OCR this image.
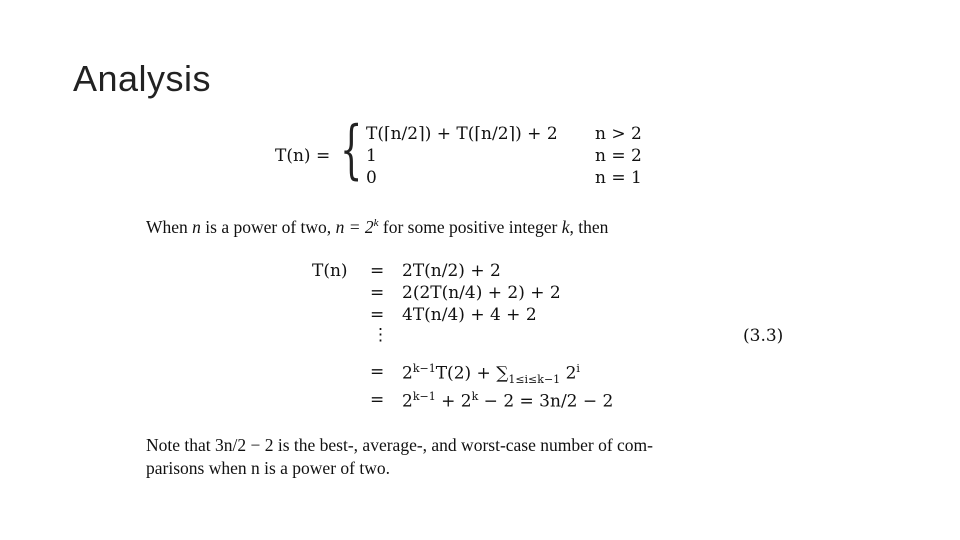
Analysis
T(n) = { T(⌈n/2⌉) + T(⌈n/2⌉) + 2 n > 2
1	n = 2
0	n = 1
When n is a power of two, $n = 2^k$ for some positive integer k, then
T(n) = 2T(n/2) + 2
= 2(2T(n/4) + 2) + 2
= 4T(n/4) + 4 + 2
⋮	(3.3)
= $2^{k-1}T(2) + \sum_{1\le i\le k-1}$ $2^i$
= $2^{k-1} + 2^k - 2 = 3n/2 - 2$
Note that 3n/2 − 2 is the best-, average-, and worst-case number of com-
parisons when n is a power of two.
